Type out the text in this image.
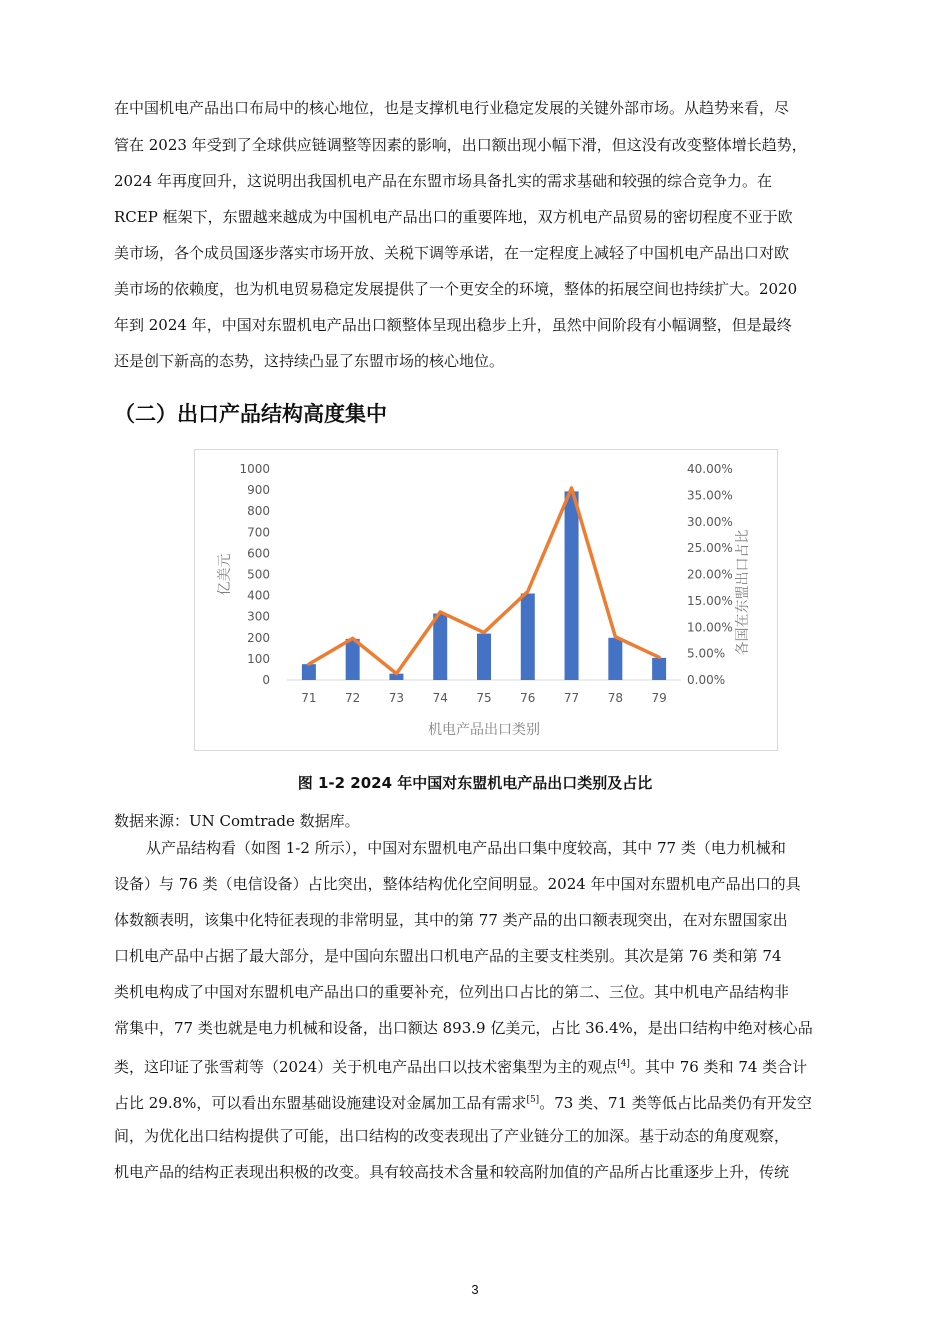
在中国机电产品出口布局中的核心地位，也是支撑机电行业稳定发展的关键外部市场。从趋势来看，尽
管在 2023 年受到了全球供应链调整等因素的影响，出口额出现小幅下滑，但这没有改变整体增长趋势，
2024 年再度回升，这说明出我国机电产品在东盟市场具备扎实的需求基础和较强的综合竞争力。在
RCEP 框架下，东盟越来越成为中国机电产品出口的重要阵地，双方机电产品贸易的密切程度不亚于欧
美市场，各个成员国逐步落实市场开放、关税下调等承诺，在一定程度上减轻了中国机电产品出口对欧
美市场的依赖度，也为机电贸易稳定发展提供了一个更安全的环境，整体的拓展空间也持续扩大。2020
年到 2024 年，中国对东盟机电产品出口额整体呈现出稳步上升，虽然中间阶段有小幅调整，但是最终
还是创下新高的态势，这持续凸显了东盟市场的核心地位。
（二）出口产品结构高度集中
0
100
200
300
400
500
600
700
800
900
1000
0.00%
5.00%
10.00%
15.00%
20.00%
25.00%
30.00%
35.00%
40.00%
71 72 73 74 75 76 77 78 79
机电产品出口类别
亿美元	各国在东盟出口占比
图 1-2 2024 年中国对东盟机电产品出口类别及占比
数据来源：UN Comtrade 数据库。
从产品结构看（如图 1-2 所示），中国对东盟机电产品出口集中度较高，其中 77 类（电力机械和
设备）与 76 类（电信设备）占比突出，整体结构优化空间明显。2024 年中国对东盟机电产品出口的具
体数额表明，该集中化特征表现的非常明显，其中的第 77 类产品的出口额表现突出，在对东盟国家出
口机电产品中占据了最大部分，是中国向东盟出口机电产品的主要支柱类别。其次是第 76 类和第 74
类机电构成了中国对东盟机电产品出口的重要补充，位列出口占比的第二、三位。其中机电产品结构非
常集中，77 类也就是电力机械和设备，出口额达 893.9 亿美元，占比 36.4%，是出口结构中绝对核心品
类，这印证了张雪莉等（2024）关于机电产品出口以技术密集型为主的观点[4]。其中 76 类和 74 类合计
占比 29.8%，可以看出东盟基础设施建设对金属加工品有需求[5]。73 类、71 类等低占比品类仍有开发空
间，为优化出口结构提供了可能，出口结构的改变表现出了产业链分工的加深。基于动态的角度观察，
机电产品的结构正表现出积极的改变。具有较高技术含量和较高附加值的产品所占比重逐步上升，传统
3
